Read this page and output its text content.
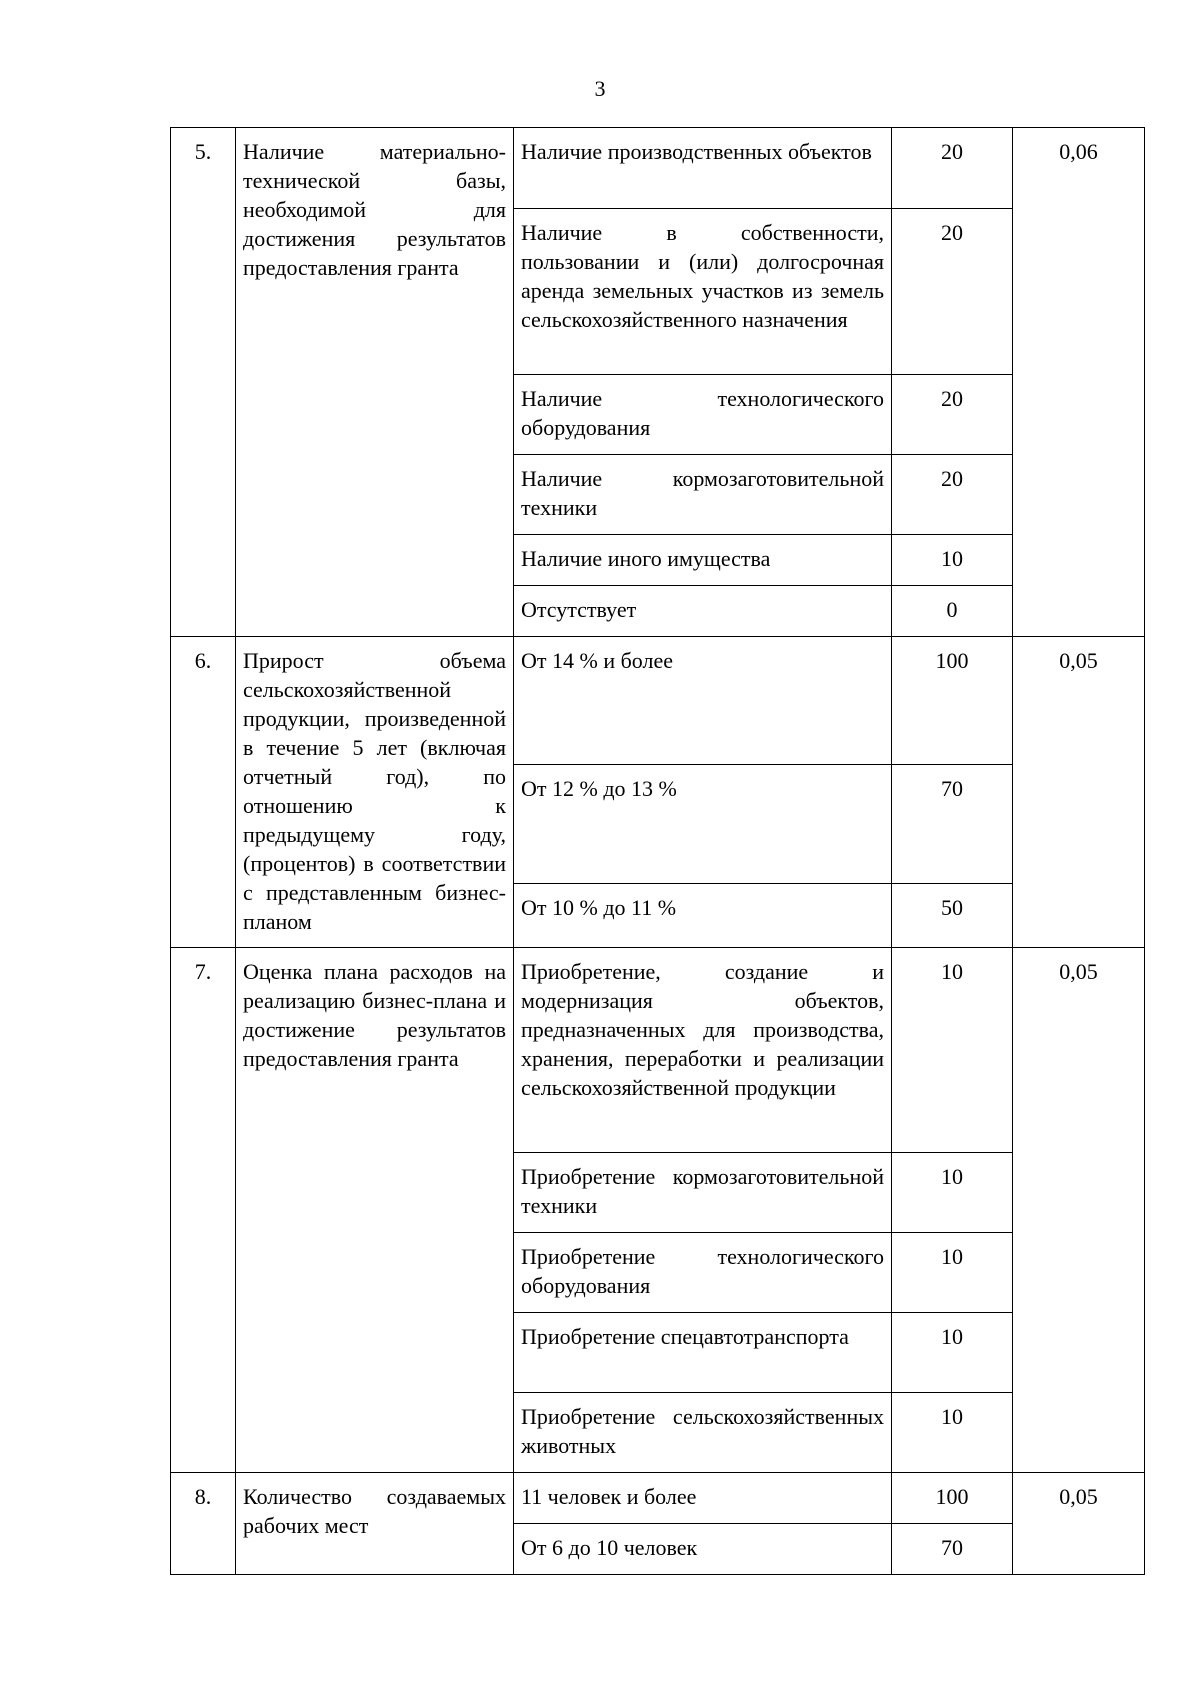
3
5.	Наличие материально-технической базы, необходимой для достижения результатов предоставления гранта	Наличие производственных объектов	20	0,06
		Наличие в собственности, пользовании и (или) долгосрочная аренда земельных участков из земель сельскохозяйственного назначения	20	
		Наличие технологического оборудования	20	
		Наличие кормозаготовительной техники	20	
		Наличие иного имущества	10	
		Отсутствует	0	
6.	Прирост объема сельскохозяйственной продукции, произведенной в течение 5 лет (включая отчетный год), по отношению к предыдущему году, (процентов) в соответствии с представленным бизнес-планом	От 14 % и более	100	0,05
		От 12 % до 13 %	70	
		От 10 % до 11 %	50	
7.	Оценка плана расходов на реализацию бизнес-плана и достижение результатов предоставления гранта	Приобретение, создание и модернизация объектов, предназначенных для производства, хранения, переработки и реализации сельскохозяйственной продукции	10	0,05
		Приобретение кормозаготовительной техники	10	
		Приобретение технологического оборудования	10	
		Приобретение спецавтотранспорта	10	
		Приобретение сельскохозяйственных животных	10	
8.	Количество создаваемых рабочих мест	11 человек и более	100	0,05
		От 6 до 10 человек	70	
